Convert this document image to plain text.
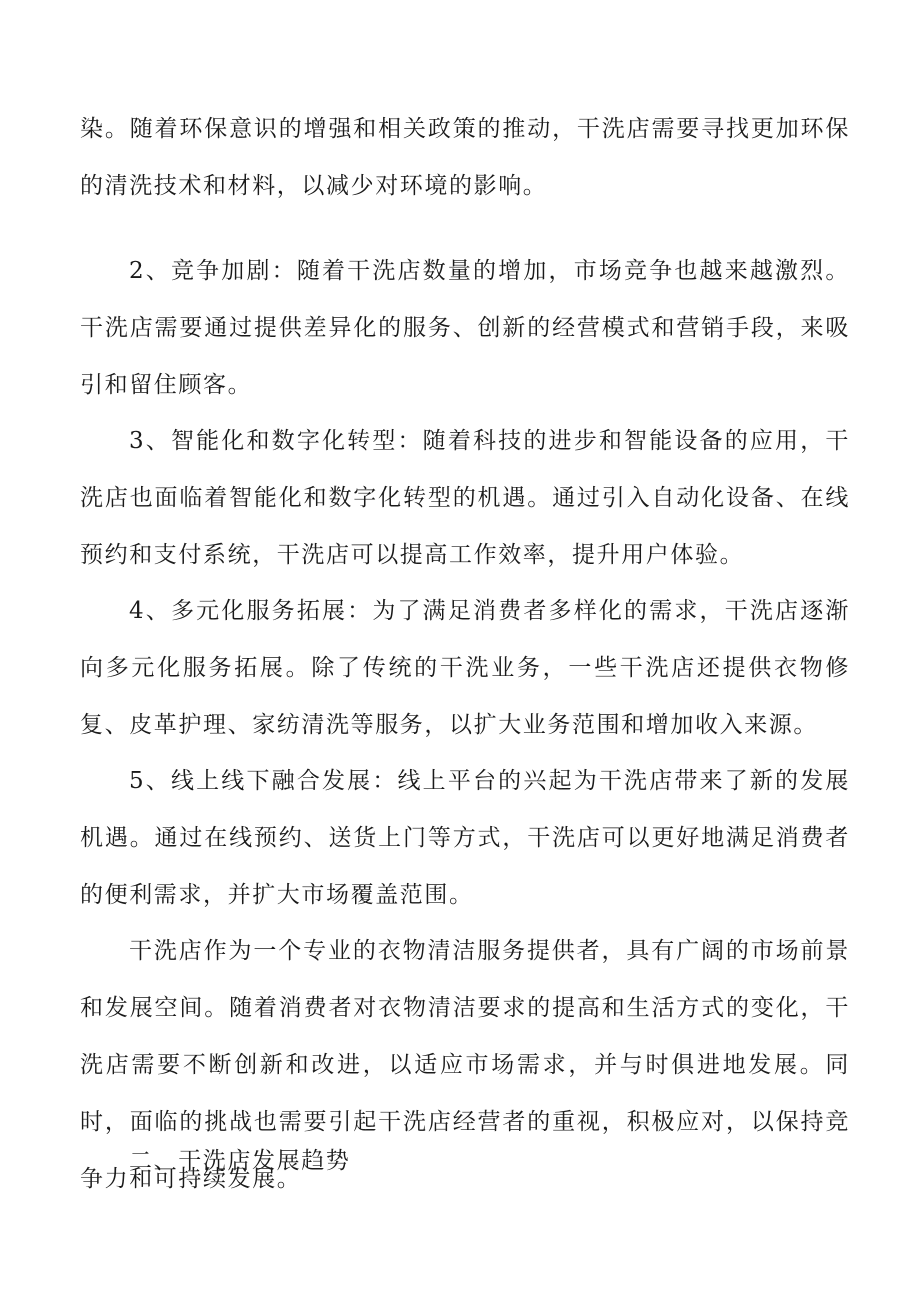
染。随着环保意识的增强和相关政策的推动，干洗店需要寻找更加环保的清洗技术和材料，以减少对环境的影响。

2、竞争加剧：随着干洗店数量的增加，市场竞争也越来越激烈。干洗店需要通过提供差异化的服务、创新的经营模式和营销手段，来吸引和留住顾客。

3、智能化和数字化转型：随着科技的进步和智能设备的应用，干洗店也面临着智能化和数字化转型的机遇。通过引入自动化设备、在线预约和支付系统，干洗店可以提高工作效率，提升用户体验。

4、多元化服务拓展：为了满足消费者多样化的需求，干洗店逐渐向多元化服务拓展。除了传统的干洗业务，一些干洗店还提供衣物修复、皮革护理、家纺清洗等服务，以扩大业务范围和增加收入来源。

5、线上线下融合发展：线上平台的兴起为干洗店带来了新的发展机遇。通过在线预约、送货上门等方式，干洗店可以更好地满足消费者的便利需求，并扩大市场覆盖范围。

干洗店作为一个专业的衣物清洁服务提供者，具有广阔的市场前景和发展空间。随着消费者对衣物清洁要求的提高和生活方式的变化，干洗店需要不断创新和改进，以适应市场需求，并与时俱进地发展。同时，面临的挑战也需要引起干洗店经营者的重视，积极应对，以保持竞争力和可持续发展。

二、干洗店发展趋势
